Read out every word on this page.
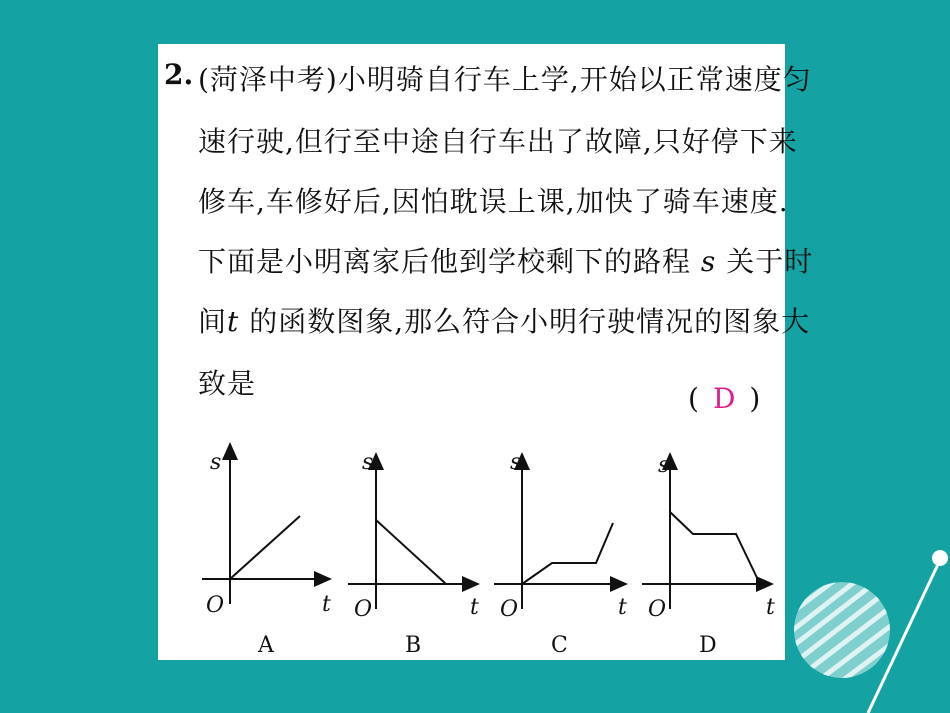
2. (菏泽中考)小明骑自行车上学,开始以正常速度匀
速行驶,但行至中途自行车出了故障,只好停下来
修车,车修好后,因怕耽误上课,加快了骑车速度.
下面是小明离家后他到学校剩下的路程 s 关于时
间t 的函数图象,那么符合小明行驶情况的图象大
致是	( D )
s
t
O
A
s
t
O
B
s
t
O
C
s
t
O
D
